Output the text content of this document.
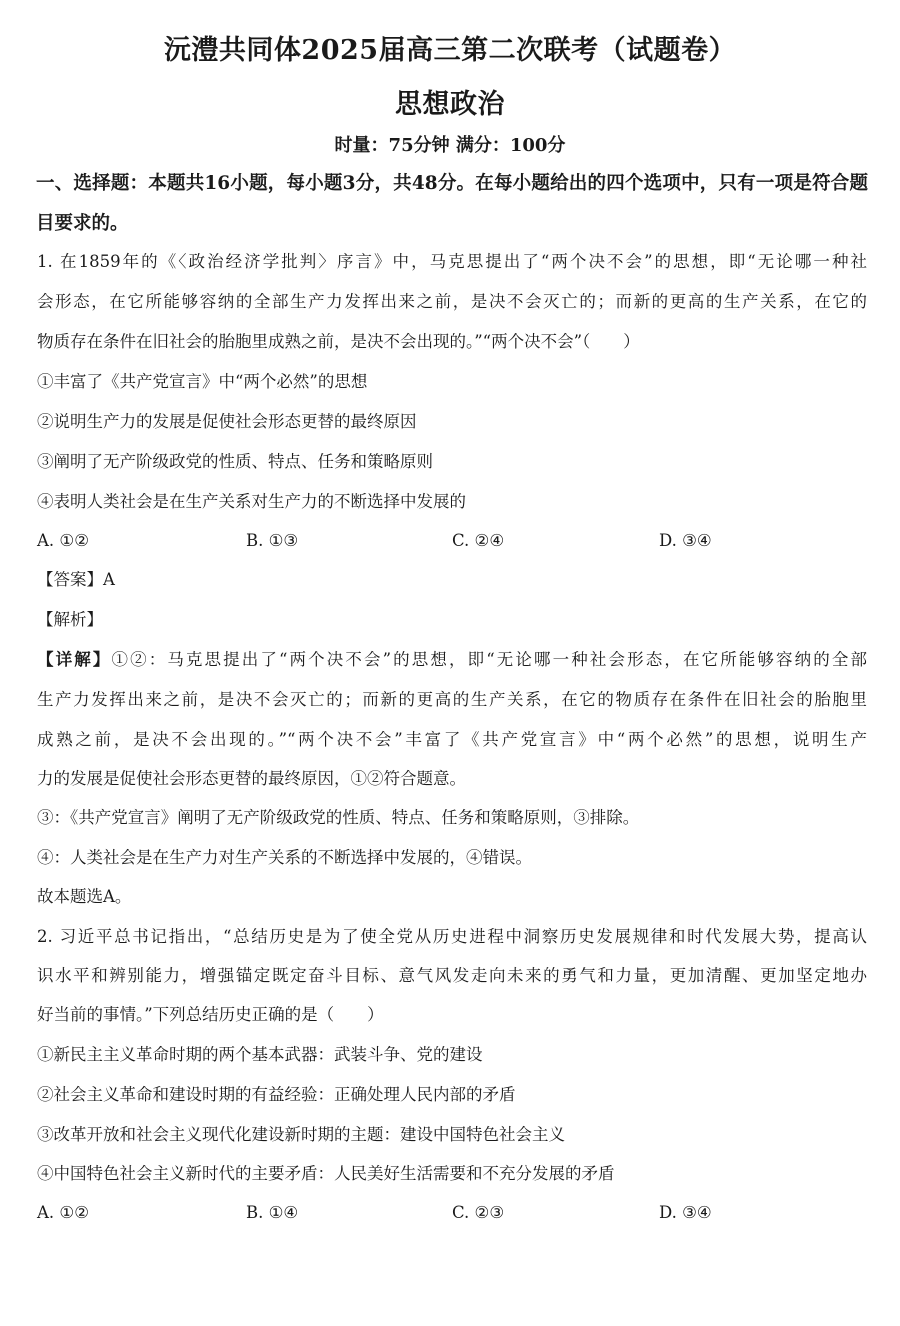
沅澧共同体2025届高三第二次联考（试题卷）
思想政治
时量：75分钟 满分：100分
一、选择题：本题共16小题，每小题3分，共48分。在每小题给出的四个选项中，只有一项是符合题目要求的。
1. 在1859年的《〈政治经济学批判〉序言》中，马克思提出了“两个决不会”的思想，即“无论哪一种社
会形态，在它所能够容纳的全部生产力发挥出来之前，是决不会灭亡的；而新的更高的生产关系，在它的
物质存在条件在旧社会的胎胞里成熟之前，是决不会出现的。”“两个决不会”（　　）
①丰富了《共产党宣言》中“两个必然”的思想
②说明生产力的发展是促使社会形态更替的最终原因
③阐明了无产阶级政党的性质、特点、任务和策略原则
④表明人类社会是在生产关系对生产力的不断选择中发展的
A. ①②	B. ①③	C. ②④	D. ③④
【答案】A
【解析】
【详解】①②：马克思提出了“两个决不会”的思想，即“无论哪一种社会形态，在它所能够容纳的全部
生产力发挥出来之前，是决不会灭亡的；而新的更高的生产关系，在它的物质存在条件在旧社会的胎胞里
成熟之前，是决不会出现的。”“两个决不会”丰富了《共产党宣言》中“两个必然”的思想，说明生产
力的发展是促使社会形态更替的最终原因，①②符合题意。
③：《共产党宣言》阐明了无产阶级政党的性质、特点、任务和策略原则，③排除。
④：人类社会是在生产力对生产关系的不断选择中发展的，④错误。
故本题选A。
2. 习近平总书记指出，“总结历史是为了使全党从历史进程中洞察历史发展规律和时代发展大势，提高认
识水平和辨别能力，增强锚定既定奋斗目标、意气风发走向未来的勇气和力量，更加清醒、更加坚定地办
好当前的事情。”下列总结历史正确的是（　　）
①新民主主义革命时期的两个基本武器：武装斗争、党的建设
②社会主义革命和建设时期的有益经验：正确处理人民内部的矛盾
③改革开放和社会主义现代化建设新时期的主题：建设中国特色社会主义
④中国特色社会主义新时代的主要矛盾：人民美好生活需要和不充分发展的矛盾
A. ①②	B. ①④	C. ②③	D. ③④
